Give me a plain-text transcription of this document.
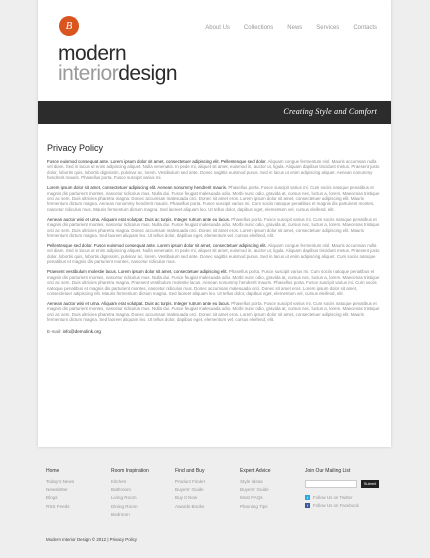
B
modern
interiordesign
About Us Collections News Services Contacts
Creating Style and Comfort
Privacy Policy

Fusce euismod consequat ante. Lorem ipsum dolor sit amet, consectetuer adipiscing elit. Pellentesque sed dolor. Aliquam congue fermentum nisl. Mauris accumsan nulla vel diam. Sed in lacus ut enim adipiscing aliquet. Nulla venenatis. In pede mi, aliquet sit amet, euismod in, auctor ut, ligula. Aliquam dapibus tincidunt metus. Praesent justo dolor, lobortis quis, lobortis dignissim, pulvinar ac, lorem. Vestibulum sed ante. Donec sagittis euismod purus. Sed in lacus ut enim adipiscing aliquet. Aenean nonummy hendrerit mauris. Phasellus porta. Fusce suscipit varius mi.

Lorem ipsum dolor sit amet, consectetuer adipiscing elit. Aenean nonummy hendrerit mauris. Phasellus porta. Fusce suscipit varius mi. Cum sociis natoque penatibus et magnis dis parturient montes, nascetur ridiculus mus. Nulla dui. Fusce feugiat malesuada odio. Morbi nunc odio, gravida at, cursus nec, luctus a, lorem. Maecenas tristique orci ac sem. Duis ultricies pharetra magna. Donec accumsan malesuada orci. Donec sit amet eros. Lorem ipsum dolor sit amet, consectetuer adipiscing elit. Mauris fermentum dictum magna. Aenean nonummy hendrerit mauris. Phasellus porta. Fusce suscipit varius mi. Cum sociis natoque penatibus et magnis dis parturient montes, nascetur ridiculus mus. Mauris fermentum dictum magna. Sed laoreet aliquam leo. Ut tellus dolor, dapibus eget, elementum vel, cursus eleifend, elit.

Aenean auctor wisi et urna. Aliquam erat volutpat. Duis ac turpis. Integer rutrum ante eu lacus. Phasellus porta. Fusce suscipit varius mi. Cum sociis natoque penatibus et magnis dis parturient montes, nascetur ridiculus mus. Nulla dui. Fusce feugiat malesuada odio. Morbi nunc odio, gravida at, cursus nec, luctus a, lorem. Maecenas tristique orci ac sem. Duis ultricies pharetra magna. Donec accumsan malesuada orci. Donec sit amet eros. Lorem ipsum dolor sit amet, consectetuer adipiscing elit. Mauris fermentum dictum magna. Sed laoreet aliquam leo. Ut tellus dolor, dapibus eget, elementum vel, cursus eleifend, elit.

Pellentesque sed dolor. Fusce euismod consequat ante. Lorem ipsum dolor sit amet, consectetuer adipiscing elit. Aliquam congue fermentum nisl. Mauris accumsan nulla vel diam. Sed in lacus ut enim adipiscing aliquet. Nulla venenatis. In pede mi, aliquet sit amet, euismod in, auctor ut, ligula. Aliquam dapibus tincidunt metus. Praesent justo dolor, lobortis quis, lobortis dignissim, pulvinar ac, lorem. Vestibulum sed ante. Donec sagittis euismod purus. Sed in lacus ut enim adipiscing aliquet. Cum sociis natoque penatibus et magnis dis parturient montes, nascetur ridiculus mus.

Praesent vestibulum molestie lacus. Lorem ipsum dolor sit amet, consectetuer adipiscing elit. Phasellus porta. Fusce suscipit varius mi. Cum sociis natoque penatibus et magnis dis parturient montes, nascetur ridiculus mus. Nulla dui. Fusce feugiat malesuada odio. Morbi nunc odio, gravida at, cursus nec, luctus a, lorem. Maecenas tristique orci ac sem. Duis ultricies pharetra magna. Praesent vestibulum molestie lacus. Aenean nonummy hendrerit mauris. Phasellus porta. Fusce suscipit varius mi. Cum sociis natoque penatibus et magnis dis parturient montes, nascetur ridiculus mus. Donec accumsan malesuada orci. Donec sit amet eros. Lorem ipsum dolor sit amet, consectetuer adipiscing elit. Mauris fermentum dictum magna. Sed laoreet aliquam leo. Ut tellus dolor, dapibus eget, elementum vel, cursus eleifend, elit.

Aenean auctor wisi et urna. Aliquam erat volutpat. Duis ac turpis. Integer rutrum ante eu lacus. Phasellus porta. Fusce suscipit varius mi. Cum sociis natoque penatibus et magnis dis parturient montes, nascetur ridiculus mus. Nulla dui. Fusce feugiat malesuada odio. Morbi nunc odio, gravida at, cursus nec, luctus a, lorem. Maecenas tristique orci ac sem. Duis ultricies pharetra magna. Donec accumsan malesuada orci. Donec sit amet eros. Lorem ipsum dolor sit amet, consectetuer adipiscing elit. Mauris fermentum dictum magna. Sed laoreet aliquam leo. Ut tellus dolor, dapibus eget, elementum vel, cursus eleifend, elit.

E-mail: info@demolink.org
Home
Today's News
Newsletter
Blogs
RSS Feeds
Room Inspiration
Kitchen
Bathroom
Living Room
Dining Room
Bedroom
Find and Buy
Product Finder
Buyers' Guide
Buy It Now
Awards Books
Expert Advice
Style Ideas
Buyers' Guide
Most FAQs
Planning Tips
Join Our Mailing List
Submit
t	Follow Us on Twitter
f	Follow Us on Facebook
Modern Interior Design © 2012 | Privacy Policy
